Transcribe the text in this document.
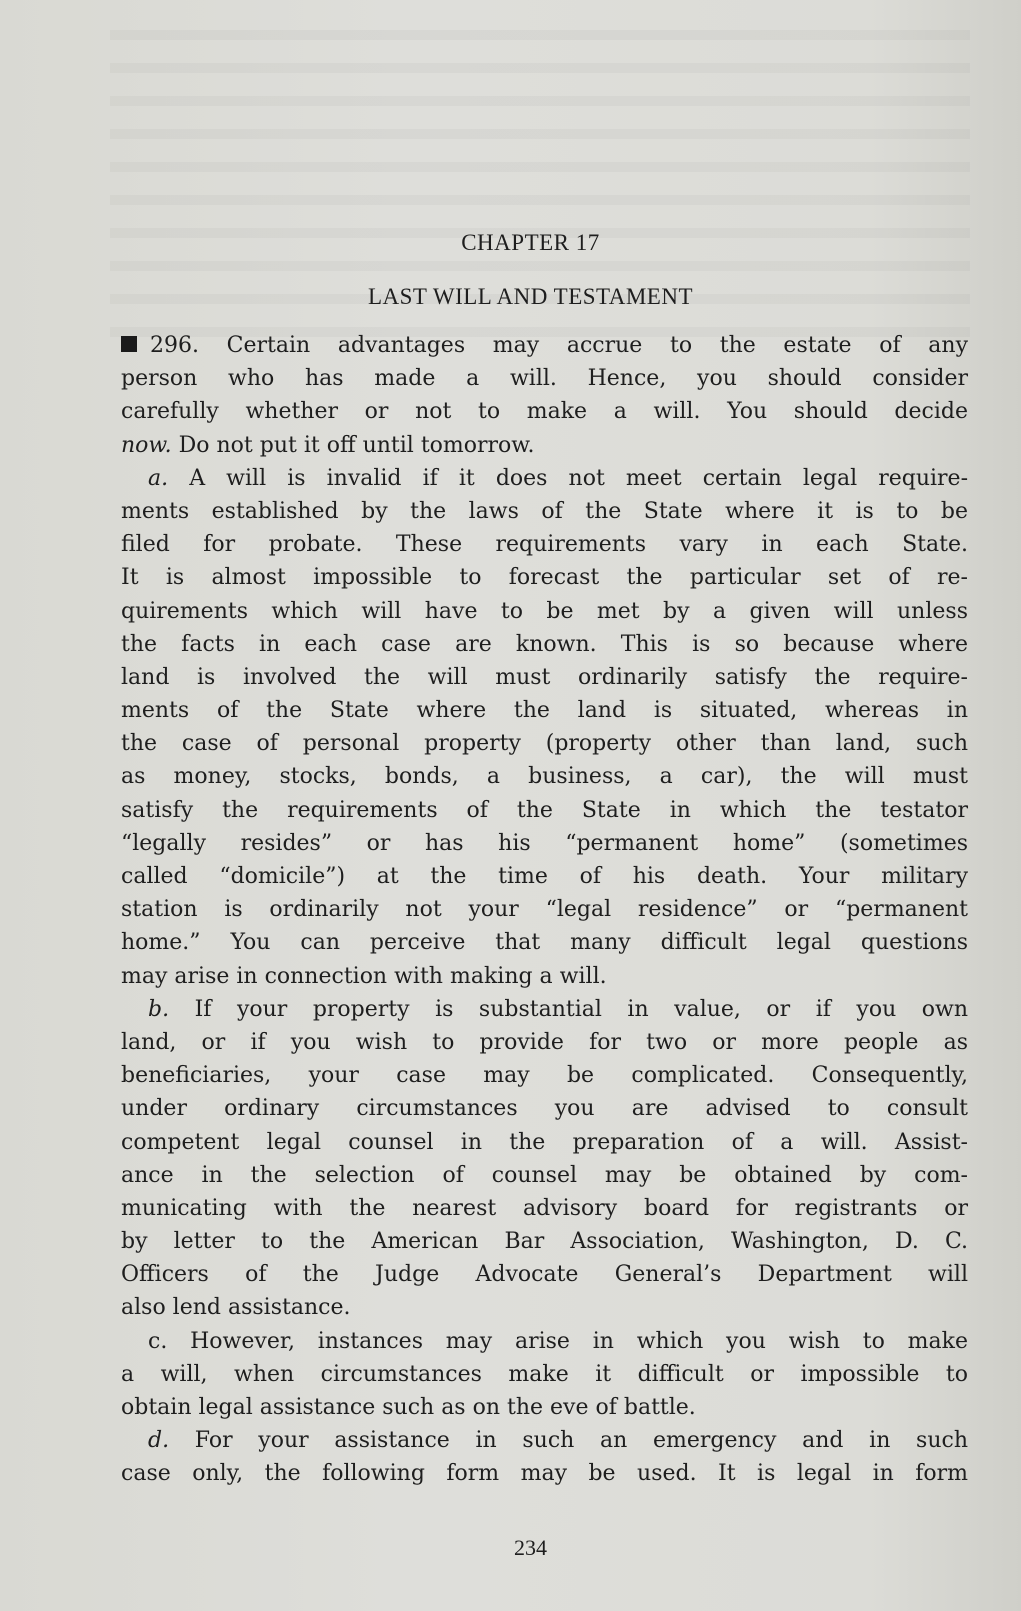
CHAPTER 17
LAST WILL AND TESTAMENT
296. Certain advantages may accrue to the estate of any
person who has made a will. Hence, you should consider
carefully whether or not to make a will. You should decide
now. Do not put it off until tomorrow.
a. A will is invalid if it does not meet certain legal require-
ments established by the laws of the State where it is to be
filed for probate. These requirements vary in each State.
It is almost impossible to forecast the particular set of re-
quirements which will have to be met by a given will unless
the facts in each case are known. This is so because where
land is involved the will must ordinarily satisfy the require-
ments of the State where the land is situated, whereas in
the case of personal property (property other than land, such
as money, stocks, bonds, a business, a car), the will must
satisfy the requirements of the State in which the testator
“legally resides” or has his “permanent home” (sometimes
called “domicile”) at the time of his death. Your military
station is ordinarily not your “legal residence” or “permanent
home.” You can perceive that many difficult legal questions
may arise in connection with making a will.
b. If your property is substantial in value, or if you own
land, or if you wish to provide for two or more people as
beneficiaries, your case may be complicated. Consequently,
under ordinary circumstances you are advised to consult
competent legal counsel in the preparation of a will. Assist-
ance in the selection of counsel may be obtained by com-
municating with the nearest advisory board for registrants or
by letter to the American Bar Association, Washington, D. C.
Officers of the Judge Advocate General’s Department will
also lend assistance.
c. However, instances may arise in which you wish to make
a will, when circumstances make it difficult or impossible to
obtain legal assistance such as on the eve of battle.
d. For your assistance in such an emergency and in such
case only, the following form may be used. It is legal in form
234
